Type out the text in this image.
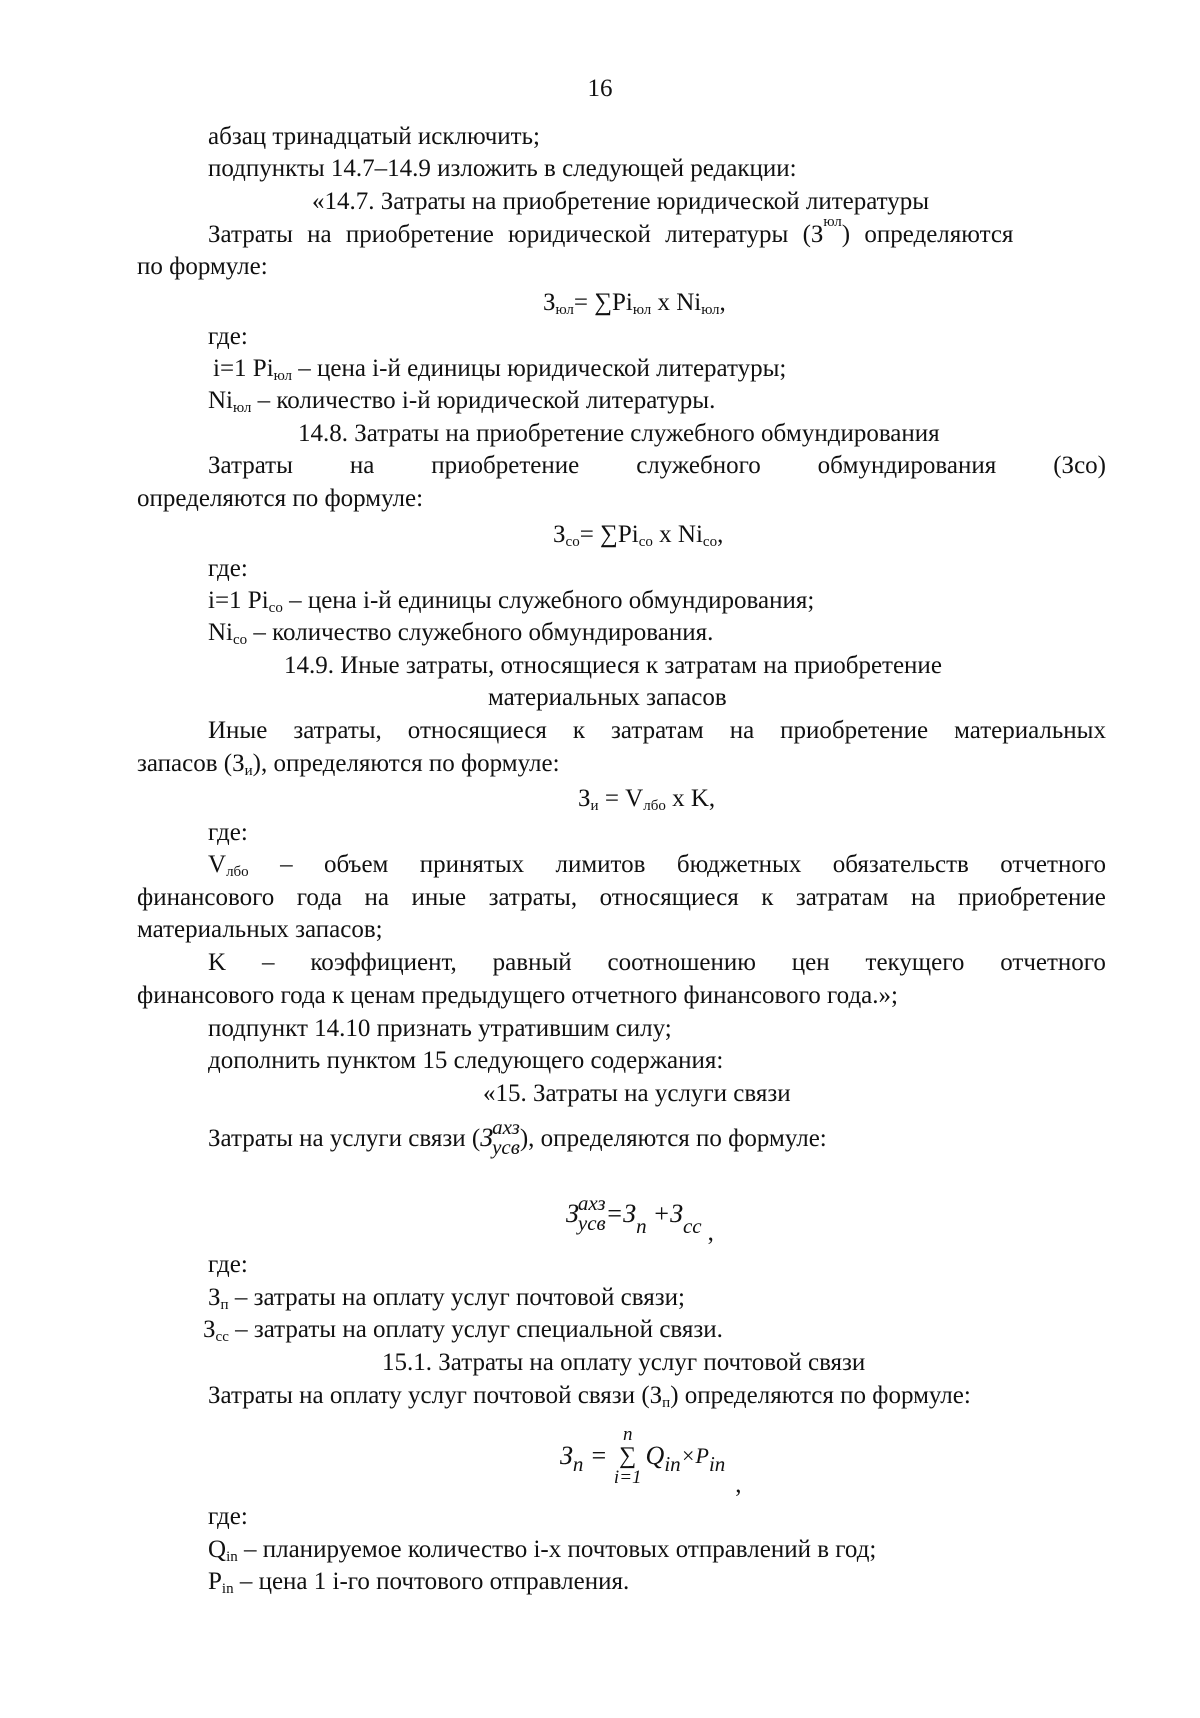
16
абзац тринадцатый исключить;
подпункты 14.7–14.9 изложить в следующей редакции:
«14.7. Затраты на приобретение юридической литературы
Затраты на приобретение юридической литературы (З юл ) определяются
по формуле:
$З_{юл}= \sum Pi_{юл}$ x $Ni_{юл}$,
где:
i=1 $Pi_{юл}$ – цена i-й единицы юридической литературы;
$Ni_{юл}$ – количество i-й юридической литературы.
14.8. Затраты на приобретение служебного обмундирования
Затраты на приобретение служебного обмундирования (Зсо)
определяются по формуле:
$З_{со}= \sum Pi_{со}$ x $Ni_{со}$,
где:
i=1 $Pi_{со}$ – цена i-й единицы служебного обмундирования;
$Ni_{со}$ – количество служебного обмундирования.
14.9. Иные затраты, относящиеся к затратам на приобретение
материальных запасов
Иные затраты, относящиеся к затратам на приобретение материальных
запасов $(З_и)$, определяются по формуле:
$З_и = V_{лбо}$ x K,
где:
$V_{лбо}$ – объем принятых лимитов бюджетных обязательств отчетного
финансового года на иные затраты, относящиеся к затратам на приобретение
материальных запасов;
K – коэффициент, равный соотношению цен текущего отчетного
финансового года к ценам предыдущего отчетного финансового года.»;
подпункт 14.10 признать утратившим силу;
дополнить пунктом 15 следующего содержания:
«15. Затраты на услуги связи
Затраты на услуги связи ( З ахз
усв ), определяются по формуле:
З ахз
усв =З п +З сс ,
где:
$З_п$ – затраты на оплату услуг почтовой связи;
$З_{сс}$ – затраты на оплату услуг специальной связи.
15.1. Затраты на оплату услуг почтовой связи
Затраты на оплату услуг почтовой связи $(З_п)$ определяются по формуле:
З п =
n
∑
i=1
Q in ×P in
,
где:
$Q_{in}$ – планируемое количество i-х почтовых отправлений в год;
$P_{in}$ – цена 1 i-го почтового отправления.
